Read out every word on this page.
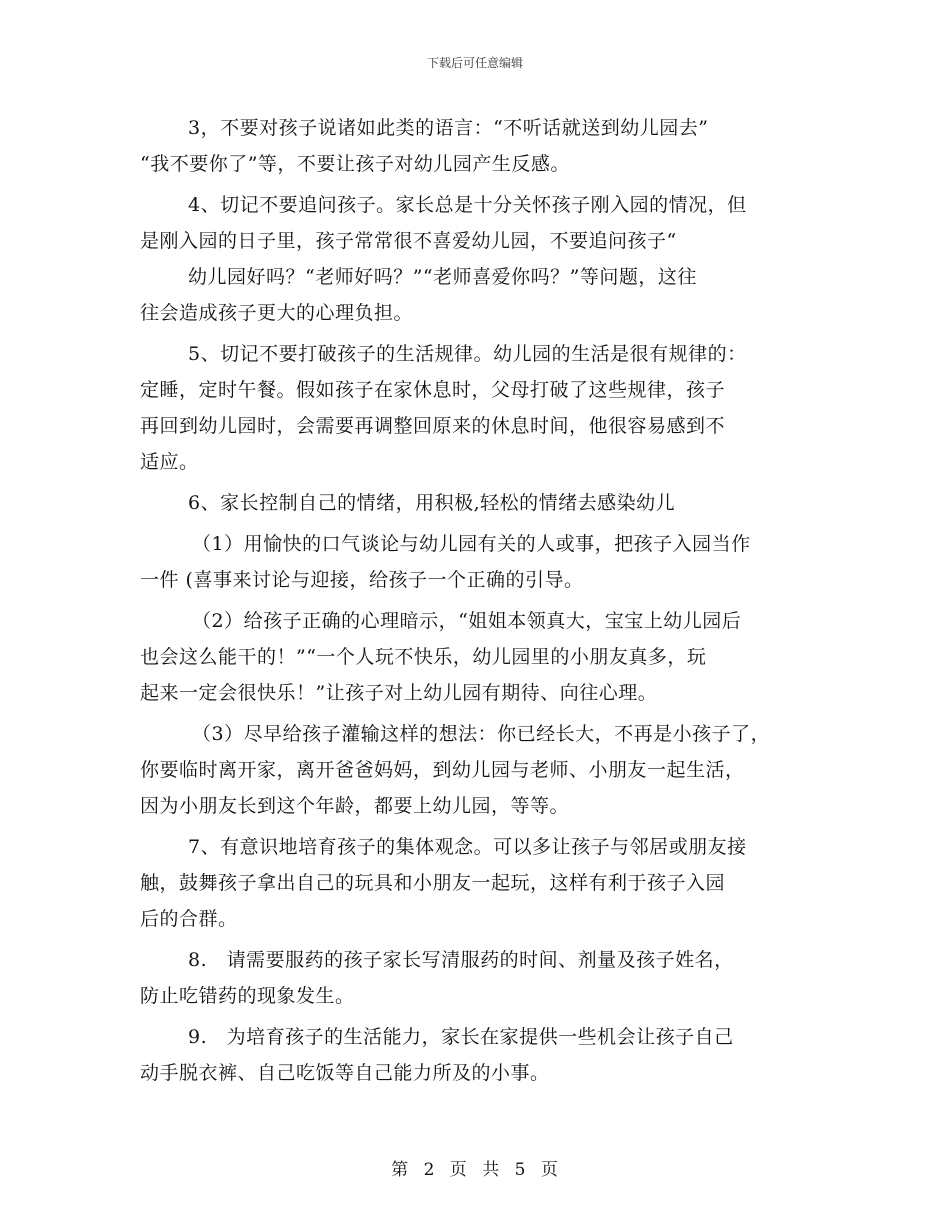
下载后可任意编辑
3，不要对孩子说诸如此类的语言：“不听话就送到幼儿园去”
“我不要你了”等，不要让孩子对幼儿园产生反感。
4、切记不要追问孩子。家长总是十分关怀孩子刚入园的情况，但
是刚入园的日子里，孩子常常很不喜爱幼儿园，不要追问孩子“
幼儿园好吗？“老师好吗？”“老师喜爱你吗？”等问题，这往
往会造成孩子更大的心理负担。
5、切记不要打破孩子的生活规律。幼儿园的生活是很有规律的：
定睡，定时午餐。假如孩子在家休息时，父母打破了这些规律，孩子
再回到幼儿园时，会需要再调整回原来的休息时间，他很容易感到不
适应。
6、家长控制自己的情绪，用积极,轻松的情绪去感染幼儿
（1）用愉快的口气谈论与幼儿园有关的人或事，把孩子入园当作
一件 (喜事来讨论与迎接，给孩子一个正确的引导。
（2）给孩子正确的心理暗示，“姐姐本领真大，宝宝上幼儿园后
也会这么能干的！”“一个人玩不快乐，幼儿园里的小朋友真多，玩
起来一定会很快乐！”让孩子对上幼儿园有期待、向往心理。
（3）尽早给孩子灌输这样的想法：你已经长大，不再是小孩子了，
你要临时离开家，离开爸爸妈妈，到幼儿园与老师、小朋友一起生活，
因为小朋友长到这个年龄，都要上幼儿园，等等。
7、有意识地培育孩子的集体观念。可以多让孩子与邻居或朋友接
触，鼓舞孩子拿出自己的玩具和小朋友一起玩，这样有利于孩子入园
后的合群。
8.　请需要服药的孩子家长写清服药的时间、剂量及孩子姓名，
防止吃错药的现象发生。
9.　为培育孩子的生活能力，家长在家提供一些机会让孩子自己
动手脱衣裤、自己吃饭等自己能力所及的小事。
第 2 页 共 5 页
